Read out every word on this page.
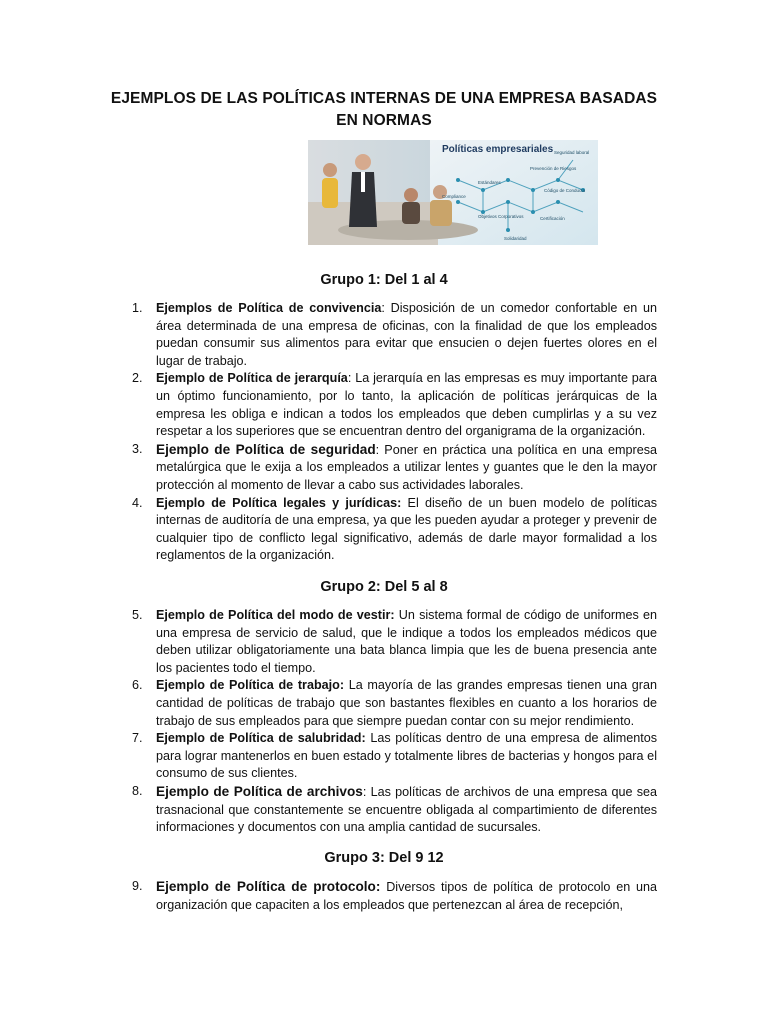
EJEMPLOS DE LAS POLÍTICAS INTERNAS DE UNA EMPRESA BASADAS EN NORMAS
Políticas empresariales Seguridad laboral
Prevención de Riesgos
Código de Conducta
Estándares
Compliance
Objetivos Corporativos	Certificación
Solidaridad
Grupo 1: Del 1 al 4
1. Ejemplos de Política de convivencia: Disposición de un comedor confortable en un área determinada de una empresa de oficinas, con la finalidad de que los empleados puedan consumir sus alimentos para evitar que ensucien o dejen fuertes olores en el lugar de trabajo.
2. Ejemplo de Política de jerarquía: La jerarquía en las empresas es muy importante para un óptimo funcionamiento, por lo tanto, la aplicación de políticas jerárquicas de la empresa les obliga e indican a todos los empleados que deben cumplirlas y a su vez respetar a los superiores que se encuentran dentro del organigrama de la organización.
3. Ejemplo de Política de seguridad: Poner en práctica una política en una empresa metalúrgica que le exija a los empleados a utilizar lentes y guantes que le den la mayor protección al momento de llevar a cabo sus actividades laborales.
4. Ejemplo de Política legales y jurídicas: El diseño de un buen modelo de políticas internas de auditoría de una empresa, ya que les pueden ayudar a proteger y prevenir de cualquier tipo de conflicto legal significativo, además de darle mayor formalidad a los reglamentos de la organización.
Grupo 2: Del 5 al 8
5. Ejemplo de Política del modo de vestir: Un sistema formal de código de uniformes en una empresa de servicio de salud, que le indique a todos los empleados médicos que deben utilizar obligatoriamente una bata blanca limpia que les de buena presencia ante los pacientes todo el tiempo.
6. Ejemplo de Política de trabajo: La mayoría de las grandes empresas tienen una gran cantidad de políticas de trabajo que son bastantes flexibles en cuanto a los horarios de trabajo de sus empleados para que siempre puedan contar con su mejor rendimiento.
7. Ejemplo de Política de salubridad: Las políticas dentro de una empresa de alimentos para lograr mantenerlos en buen estado y totalmente libres de bacterias y hongos para el consumo de sus clientes.
8. Ejemplo de Política de archivos: Las políticas de archivos de una empresa que sea trasnacional que constantemente se encuentre obligada al compartimiento de diferentes informaciones y documentos con una amplia cantidad de sucursales.
Grupo 3: Del 9 12
9. Ejemplo de Política de protocolo: Diversos tipos de política de protocolo en una organización que capaciten a los empleados que pertenezcan al área de recepción,
